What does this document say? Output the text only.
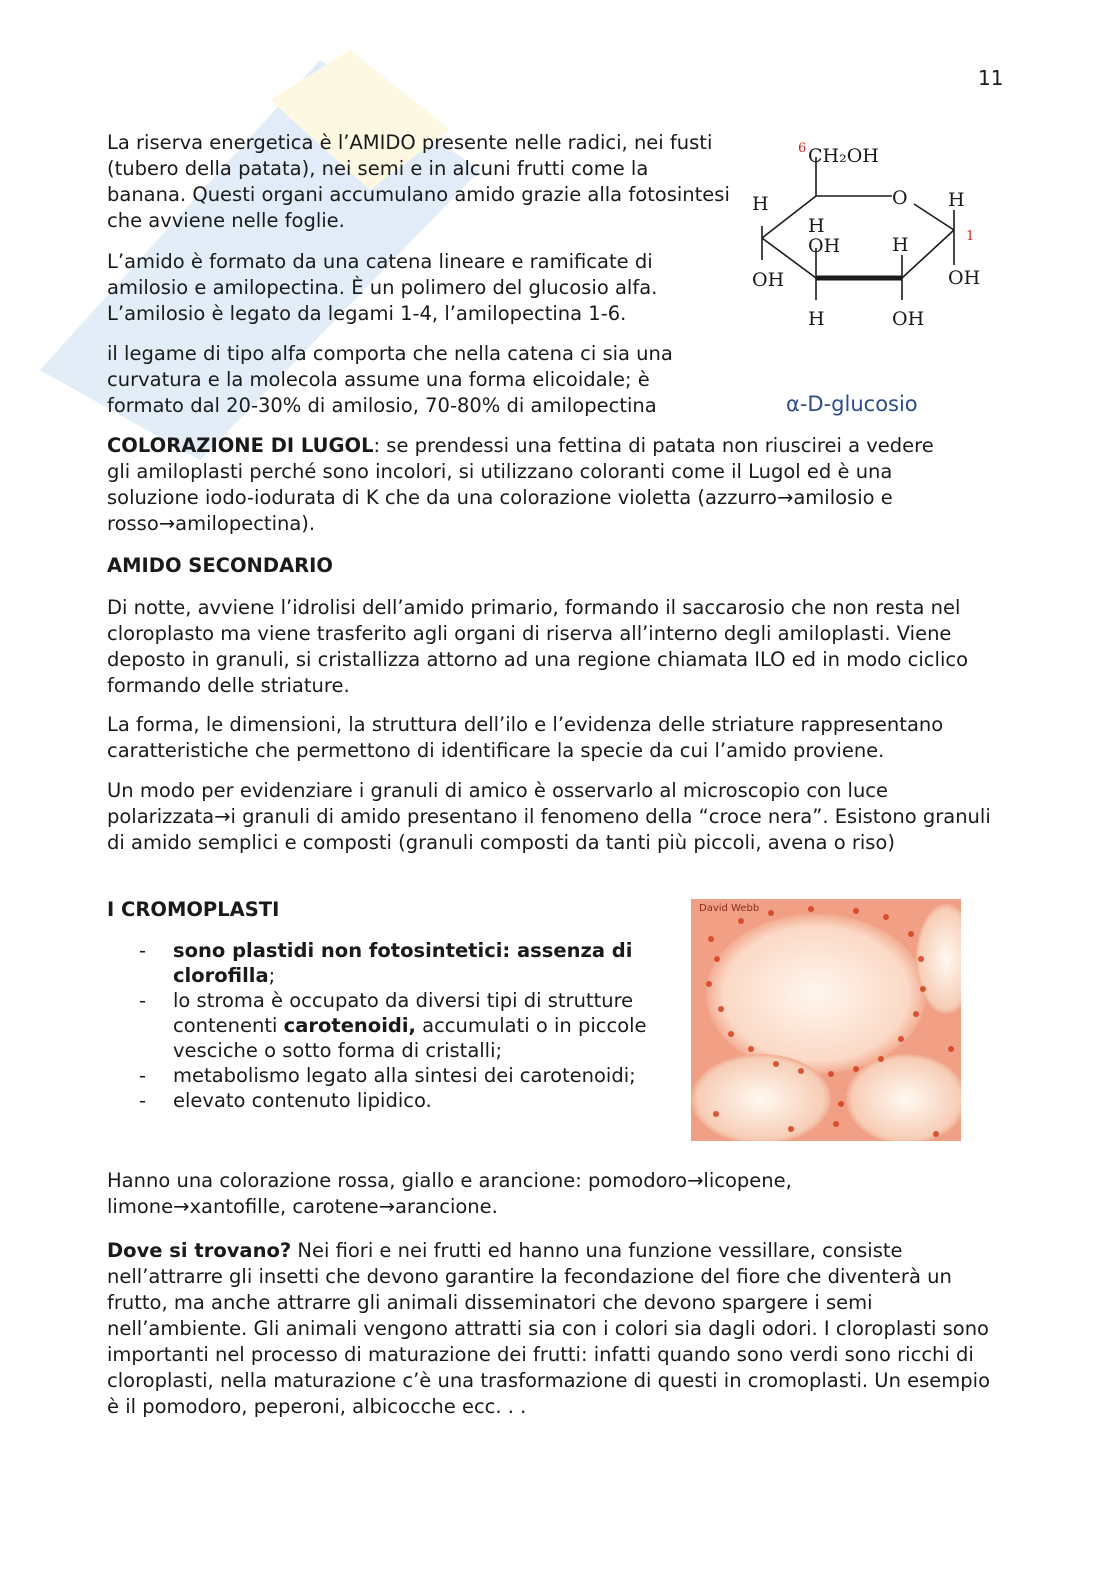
11

La riserva energetica è l’AMIDO presente nelle radici, nei fusti (tubero della patata), nei semi e in alcuni frutti come la banana. Questi organi accumulano amido grazie alla fotosintesi che avviene nelle foglie.

L’amido è formato da una catena lineare e ramificate di amilosio e amilopectina. È un polimero del glucosio alfa. L’amilosio è legato da legami 1-4, l’amilopectina 1-6.

il legame di tipo alfa comporta che nella catena ci sia una curvatura e la molecola assume una forma elicoidale; è formato dal 20-30% di amilosio, 70-80% di amilopectina

6 CH₂OH
O
H	H
H
OH	H	1
OH	OH
H	OH
α-D-glucosio

COLORAZIONE DI LUGOL: se prendessi una fettina di patata non riuscirei a vedere
gli amiloplasti perché sono incolori, si utilizzano coloranti come il Lugol ed è una
soluzione iodo-iodurata di K che da una colorazione violetta (azzurro→amilosio e
rosso→amilopectina).

AMIDO SECONDARIO

Di notte, avviene l’idrolisi dell’amido primario, formando il saccarosio che non resta nel cloroplasto ma viene trasferito agli organi di riserva all’interno degli amiloplasti. Viene deposto in granuli, si cristallizza attorno ad una regione chiamata ILO ed in modo ciclico formando delle striature.

La forma, le dimensioni, la struttura dell’ilo e l’evidenza delle striature rappresentano caratteristiche che permettono di identificare la specie da cui l’amido proviene.

Un modo per evidenziare i granuli di amico è osservarlo al microscopio con luce polarizzata→i granuli di amido presentano il fenomeno della “croce nera”. Esistono granuli di amido semplici e composti (granuli composti da tanti più piccoli, avena o riso)

I CROMOPLASTI
- sono plastidi non fotosintetici: assenza di clorofilla;
- lo stroma è occupato da diversi tipi di strutture contenenti carotenoidi, accumulati o in piccole vesciche o sotto forma di cristalli;
- metabolismo legato alla sintesi dei carotenoidi;
- elevato contenuto lipidico.
David Webb

Hanno una colorazione rossa, giallo e arancione: pomodoro→licopene,
limone→xantofille, carotene→arancione.

Dove si trovano? Nei fiori e nei frutti ed hanno una funzione vessillare, consiste nell’attrarre gli insetti che devono garantire la fecondazione del fiore che diventerà un frutto, ma anche attrarre gli animali disseminatori che devono spargere i semi nell’ambiente. Gli animali vengono attratti sia con i colori sia dagli odori. I cloroplasti sono importanti nel processo di maturazione dei frutti: infatti quando sono verdi sono ricchi di cloroplasti, nella maturazione c’è una trasformazione di questi in cromoplasti. Un esempio è il pomodoro, peperoni, albicocche ecc. . .
